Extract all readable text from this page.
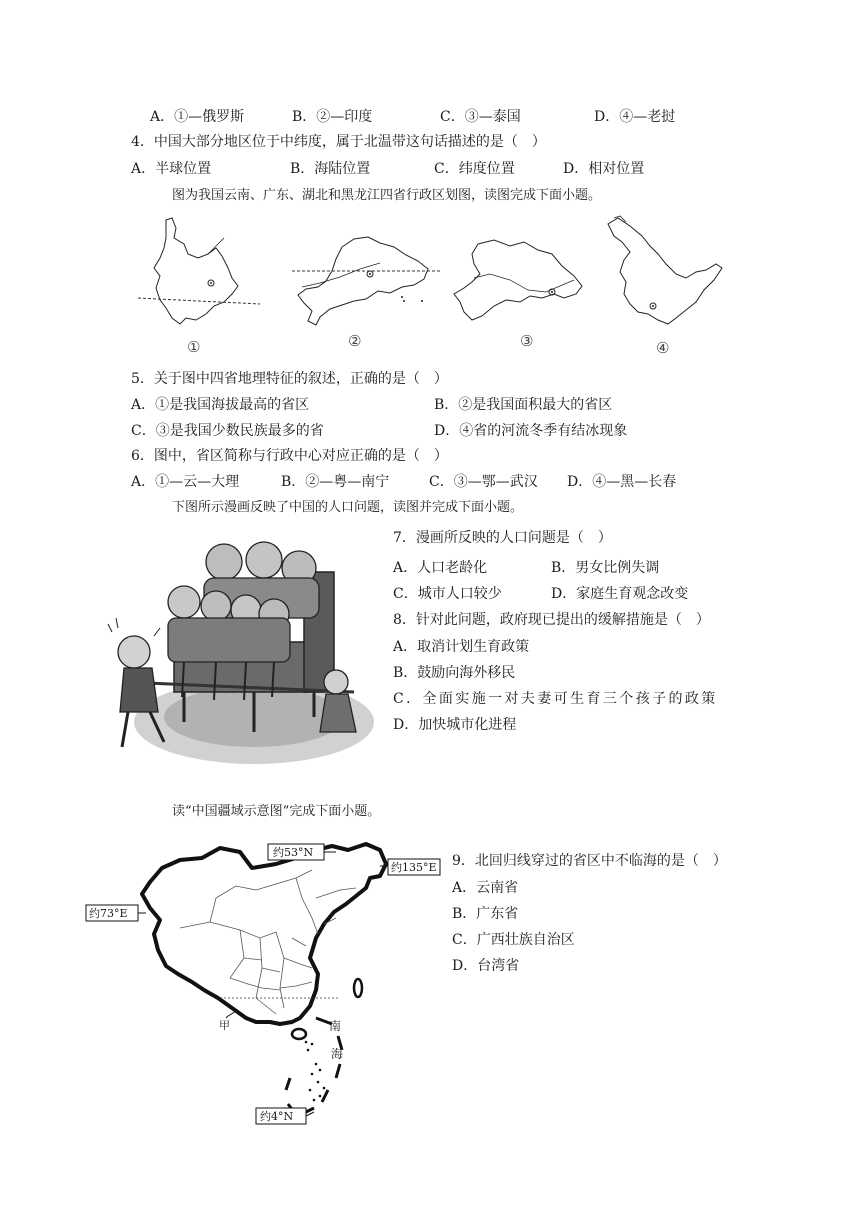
A．①—俄罗斯	B．②—印度	C．③—泰国	D．④—老挝
4．中国大部分地区位于中纬度，属于北温带这句话描述的是（　）
A．半球位置	B．海陆位置	C．纬度位置	D．相对位置
图为我国云南、广东、湖北和黑龙江四省行政区划图，读图完成下面小题。
①	②	③	④
5．关于图中四省地理特征的叙述，正确的是（　）
A．①是我国海拔最高的省区	B．②是我国面积最大的省区
C．③是我国少数民族最多的省	D．④省的河流冬季有结冰现象
6．图中，省区简称与行政中心对应正确的是（　）
A．①—云—大理	B．②—粤—南宁	C．③—鄂—武汉 D．④—黑—长春
下图所示漫画反映了中国的人口问题，读图并完成下面小题。
7．漫画所反映的人口问题是（　）
A．人口老龄化	B．男女比例失调
C．城市人口较少	D．家庭生育观念改变
8．针对此问题，政府现已提出的缓解措施是（　）
A．取消计划生育政策
B．鼓励向海外移民
C．全面实施一对夫妻可生育三个孩子的政策
D．加快城市化进程
读“中国疆域示意图”完成下面小题。
约53°N
约135°E
约73°E
约4°N
甲	南
海
9．北回归线穿过的省区中不临海的是（　）
A．云南省
B．广东省
C．广西壮族自治区
D．台湾省
